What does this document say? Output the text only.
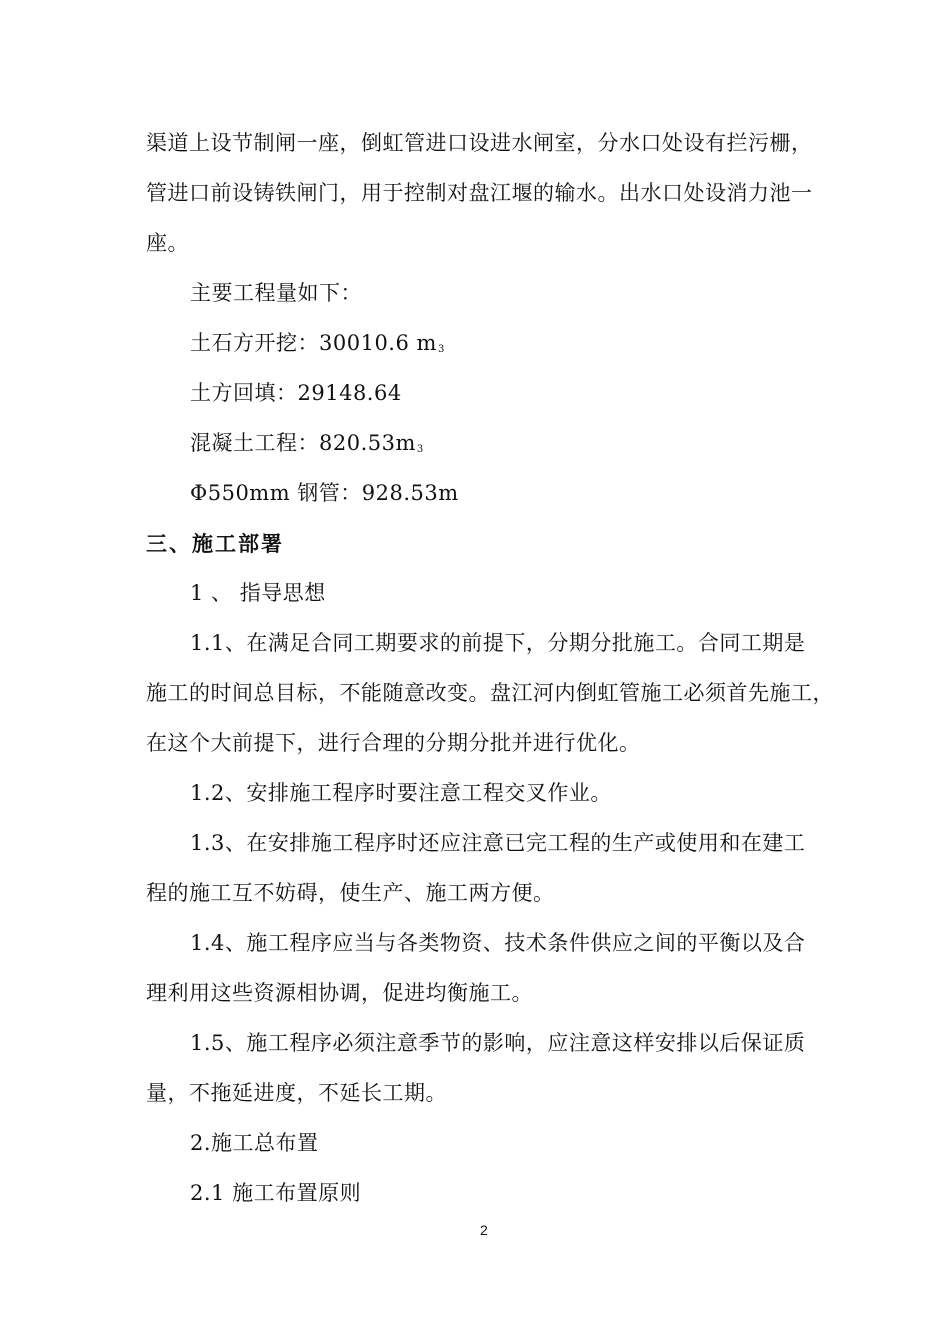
渠道上设节制闸一座，倒虹管进口设进水闸室，分水口处设有拦污栅，
管进口前设铸铁闸门，用于控制对盘江堰的输水。出水口处设消力池一
座。
主要工程量如下：
土石方开挖：30010.6 $m_3$
土方回填：29148.64
混凝土工程：$820.53m_3$
Φ550mm 钢管：928.53m
三、施工部署
1 、 指导思想
1.1、在满足合同工期要求的前提下，分期分批施工。合同工期是
施工的时间总目标，不能随意改变。盘江河内倒虹管施工必须首先施工，
在这个大前提下，进行合理的分期分批并进行优化。
1.2、安排施工程序时要注意工程交叉作业。
1.3、在安排施工程序时还应注意已完工程的生产或使用和在建工
程的施工互不妨碍，使生产、施工两方便。
1.4、施工程序应当与各类物资、技术条件供应之间的平衡以及合
理利用这些资源相协调，促进均衡施工。
1.5、施工程序必须注意季节的影响，应注意这样安排以后保证质
量，不拖延进度，不延长工期。
2.施工总布置
2.1 施工布置原则
2
